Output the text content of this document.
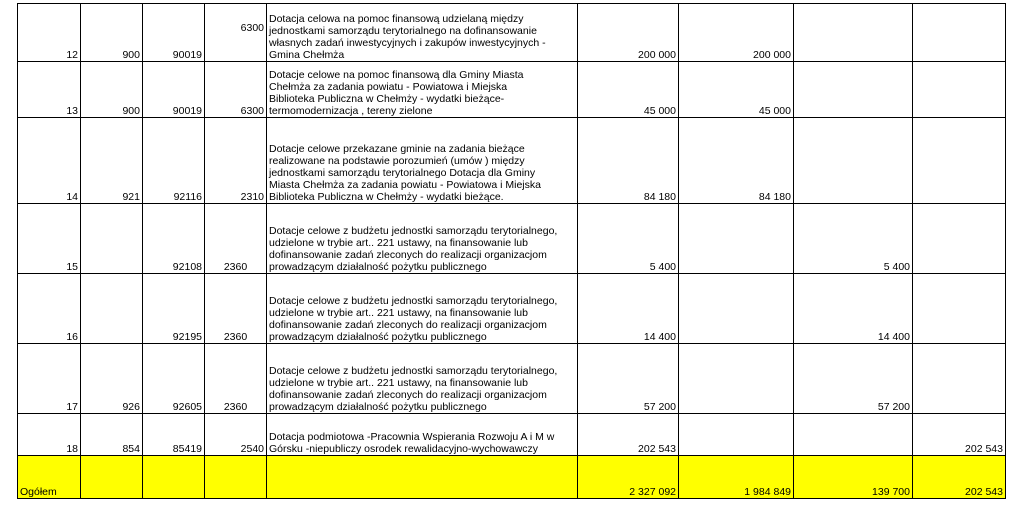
12	900	90019	6300	Dotacja celowa na pomoc finansową udzielaną między
jednostkami samorządu terytorialnego na dofinansowanie
własnych zadań inwestycyjnych i zakupów inwestycyjnych -
Gmina Chełmża	200 000	200 000		
13	900	90019	6300	Dotacje celowe na pomoc finansową dla Gminy Miasta
Chełmża za zadania powiatu - Powiatowa i Miejska
Biblioteka Publiczna w Chełmży - wydatki bieżące-
termomodernizacja , tereny zielone	45 000	45 000		
14	921	92116	2310	Dotacje celowe przekazane gminie na zadania bieżące
realizowane na podstawie porozumień (umów ) między
jednostkami samorządu terytorialnego Dotacja dla Gminy
Miasta Chełmża za zadania powiatu - Powiatowa i Miejska
Biblioteka Publiczna w Chełmży - wydatki bieżące.	84 180	84 180		
15		92108	2360	Dotacje celowe z budżetu jednostki samorządu terytorialnego,
udzielone w trybie art.. 221 ustawy, na finansowanie lub
dofinansowanie zadań zleconych do realizacji organizacjom
prowadzącym działalność pożytku publicznego	5 400		5 400	
16		92195	2360	Dotacje celowe z budżetu jednostki samorządu terytorialnego,
udzielone w trybie art.. 221 ustawy, na finansowanie lub
dofinansowanie zadań zleconych do realizacji organizacjom
prowadzącym działalność pożytku publicznego	14 400		14 400	
17	926	92605	2360	Dotacje celowe z budżetu jednostki samorządu terytorialnego,
udzielone w trybie art.. 221 ustawy, na finansowanie lub
dofinansowanie zadań zleconych do realizacji organizacjom
prowadzącym działalność pożytku publicznego	57 200		57 200	
18	854	85419	2540	Dotacja podmiotowa -Pracownia Wspierania Rozwoju A i M w
Górsku -niepubliczy osrodek rewalidacyjno-wychowawczy	202 543			202 543
Ogółem					2 327 092	1 984 849	139 700	202 543
